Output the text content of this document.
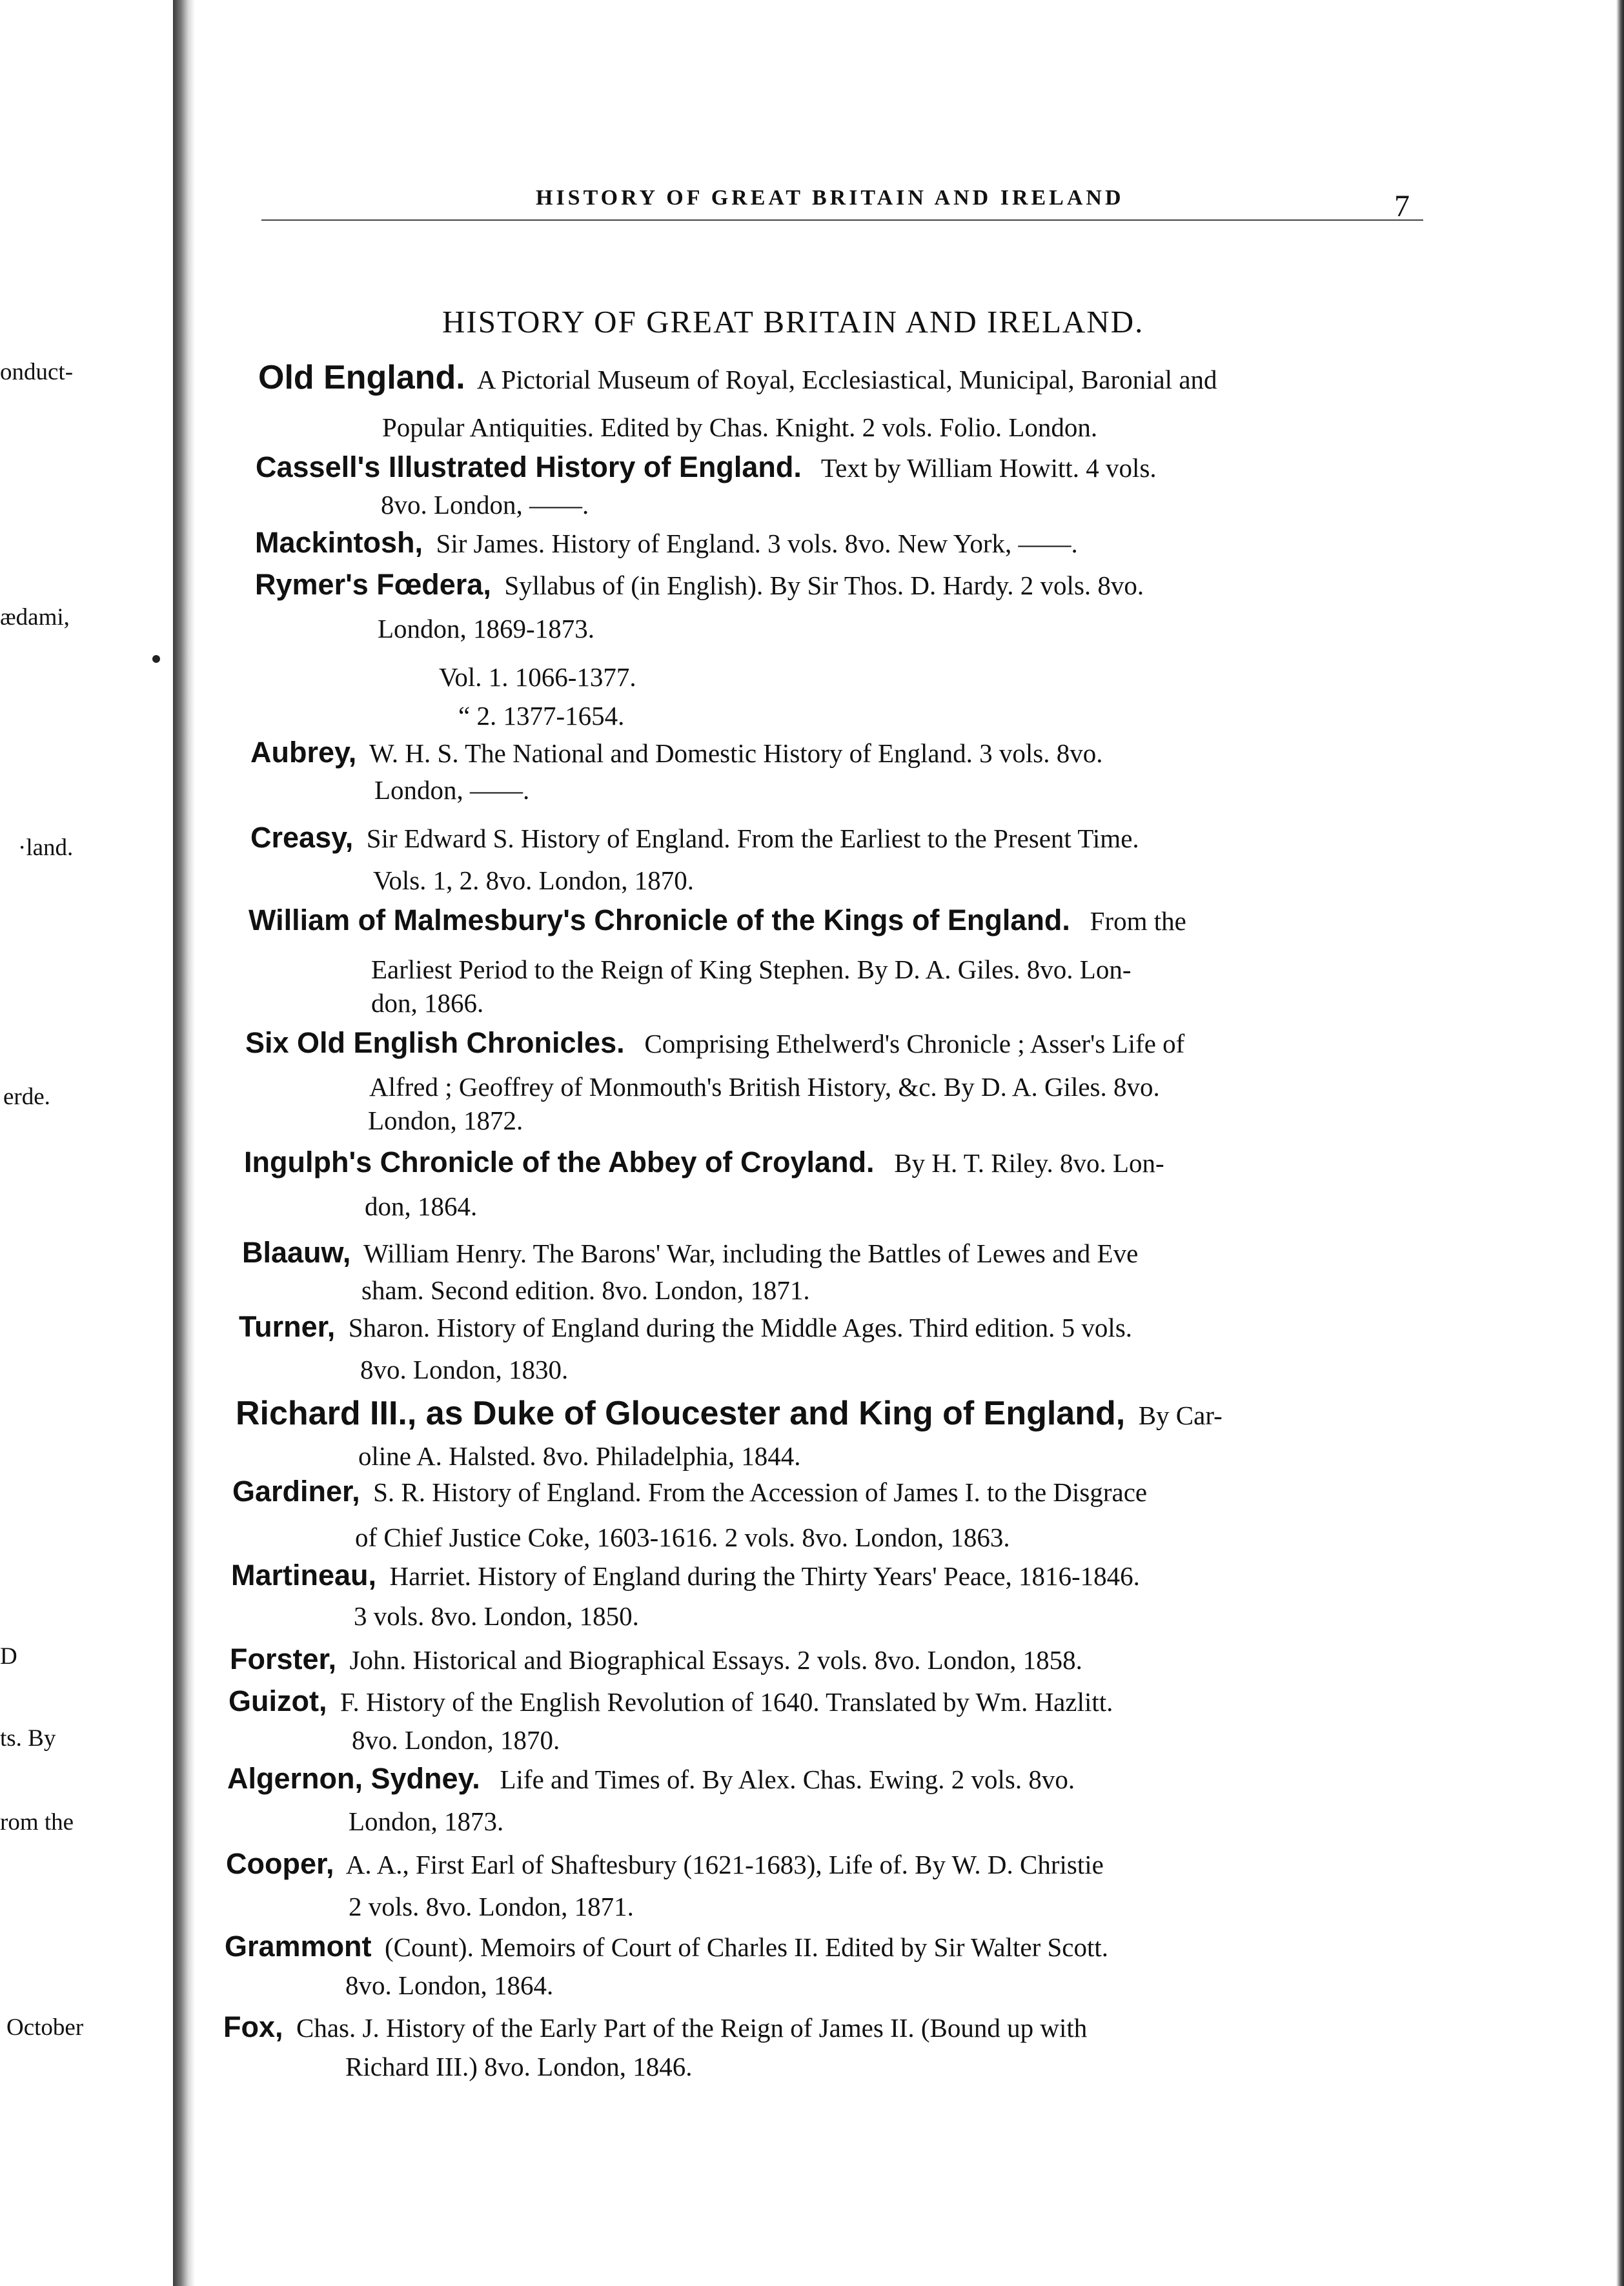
onduct-
ædami,
·land.
erde.
D
ts. By
rom the
October
HISTORY OF GREAT BRITAIN AND IRELAND	7
HISTORY OF GREAT BRITAIN AND IRELAND.
Old England. A Pictorial Museum of Royal, Ecclesiastical, Municipal, Baronial and
Popular Antiquities. Edited by Chas. Knight. 2 vols. Folio. London.
Cassell's Illustrated History of England. Text by William Howitt. 4 vols.
8vo. London, ——.
Mackintosh, Sir James. History of England. 3 vols. 8vo. New York, ——.
Rymer's Fœdera, Syllabus of (in English). By Sir Thos. D. Hardy. 2 vols. 8vo.
London, 1869-1873.
Vol. 1. 1066-1377.
“ 2. 1377-1654.
Aubrey, W. H. S. The National and Domestic History of England. 3 vols. 8vo.
London, ——.
Creasy, Sir Edward S. History of England. From the Earliest to the Present Time.
Vols. 1, 2. 8vo. London, 1870.
William of Malmesbury's Chronicle of the Kings of England. From the
Earliest Period to the Reign of King Stephen. By D. A. Giles. 8vo. Lon-
don, 1866.
Six Old English Chronicles. Comprising Ethelwerd's Chronicle ; Asser's Life of
Alfred ; Geoffrey of Monmouth's British History, &c. By D. A. Giles. 8vo.
London, 1872.
Ingulph's Chronicle of the Abbey of Croyland. By H. T. Riley. 8vo. Lon-
don, 1864.
Blaauw, William Henry. The Barons' War, including the Battles of Lewes and Eve
sham. Second edition. 8vo. London, 1871.
Turner, Sharon. History of England during the Middle Ages. Third edition. 5 vols.
8vo. London, 1830.
Richard III., as Duke of Gloucester and King of England, By Car-
oline A. Halsted. 8vo. Philadelphia, 1844.
Gardiner, S. R. History of England. From the Accession of James I. to the Disgrace
of Chief Justice Coke, 1603-1616. 2 vols. 8vo. London, 1863.
Martineau, Harriet. History of England during the Thirty Years' Peace, 1816-1846.
3 vols. 8vo. London, 1850.
Forster, John. Historical and Biographical Essays. 2 vols. 8vo. London, 1858.
Guizot, F. History of the English Revolution of 1640. Translated by Wm. Hazlitt.
8vo. London, 1870.
Algernon, Sydney. Life and Times of. By Alex. Chas. Ewing. 2 vols. 8vo.
London, 1873.
Cooper, A. A., First Earl of Shaftesbury (1621-1683), Life of. By W. D. Christie
2 vols. 8vo. London, 1871.
Grammont (Count). Memoirs of Court of Charles II. Edited by Sir Walter Scott.
8vo. London, 1864.
Fox, Chas. J. History of the Early Part of the Reign of James II. (Bound up with
Richard III.) 8vo. London, 1846.
